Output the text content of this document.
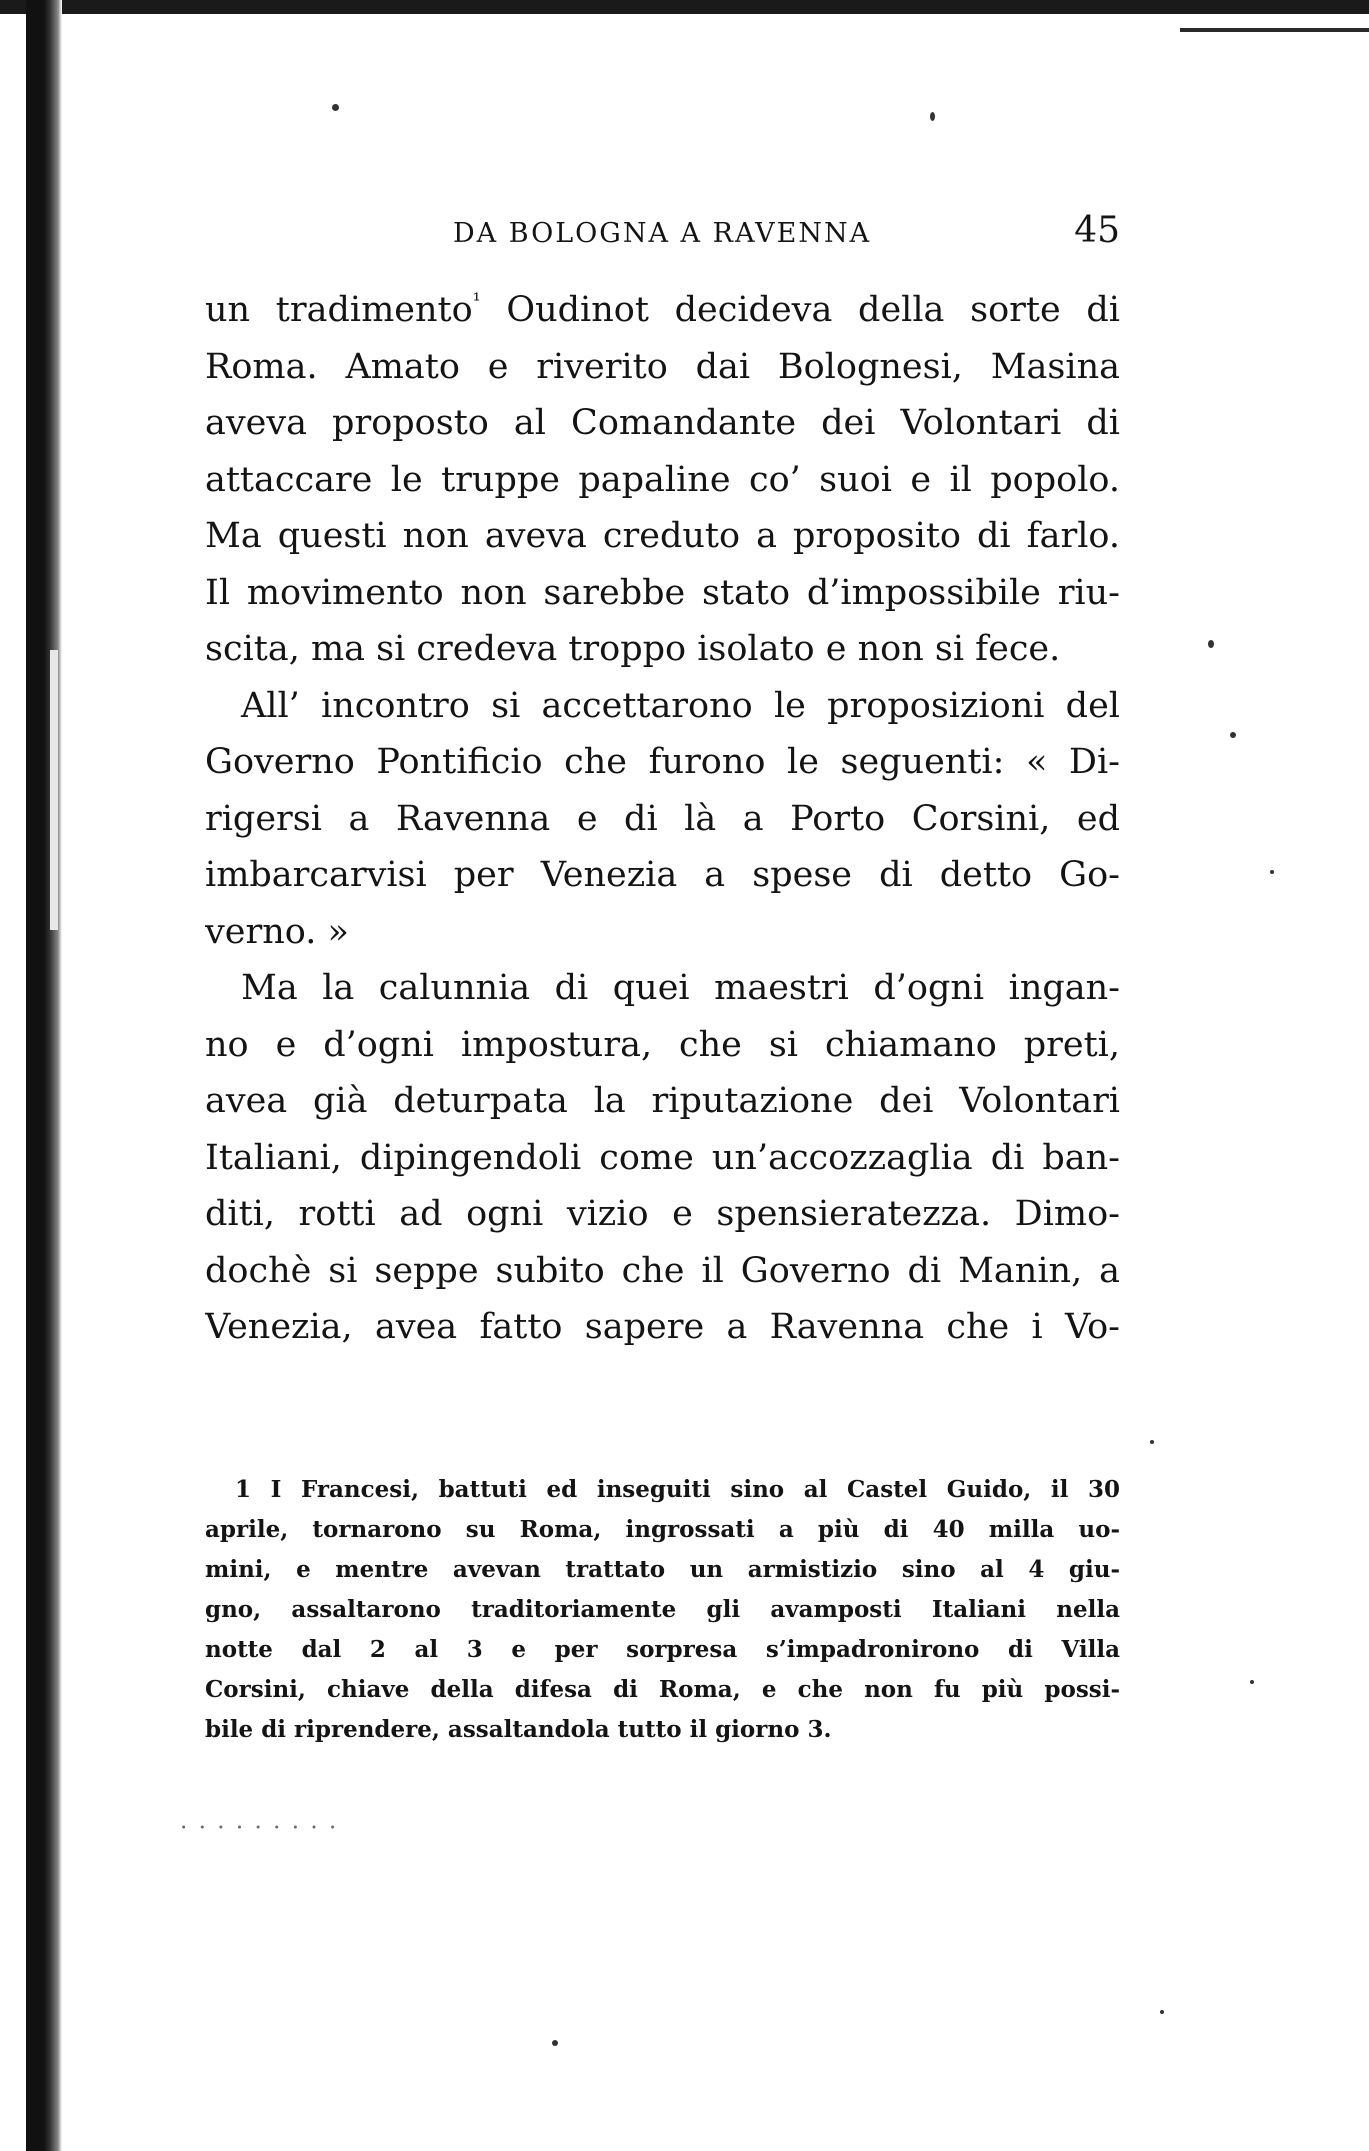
DA BOLOGNA A RAVENNA	45
un tradimento$^{^1}$ Oudinot decideva della sorte di
Roma. Amato e riverito dai Bolognesi, Masina
aveva proposto al Comandante dei Volontari di
attaccare le truppe papaline co’ suoi e il popolo.
Ma questi non aveva creduto a proposito di farlo.
Il movimento non sarebbe stato d’impossibile riu-
scita, ma si credeva troppo isolato e non si fece.
All’ incontro si accettarono le proposizioni del
Governo Pontificio che furono le seguenti: « Di-
rigersi a Ravenna e di là a Porto Corsini, ed
imbarcarvisi per Venezia a spese di detto Go-
verno. »
Ma la calunnia di quei maestri d’ogni ingan-
no e d’ogni impostura, che si chiamano preti,
avea già deturpata la riputazione dei Volontari
Italiani, dipingendoli come un’accozzaglia di ban-
diti, rotti ad ogni vizio e spensieratezza. Dimo-
dochè si seppe subito che il Governo di Manin, a
Venezia, avea fatto sapere a Ravenna che i Vo-
1 I Francesi, battuti ed inseguiti sino al Castel Guido, il 30
aprile, tornarono su Roma, ingrossati a più di 40 milla uo-
mini, e mentre avevan trattato un armistizio sino al 4 giu-
gno, assaltarono traditoriamente gli avamposti Italiani nella
notte dal 2 al 3 e per sorpresa s’impadronirono di Villa
Corsini, chiave della difesa di Roma, e che non fu più possi-
bile di riprendere, assaltandola tutto il giorno 3.
· · · · · · · · ·
